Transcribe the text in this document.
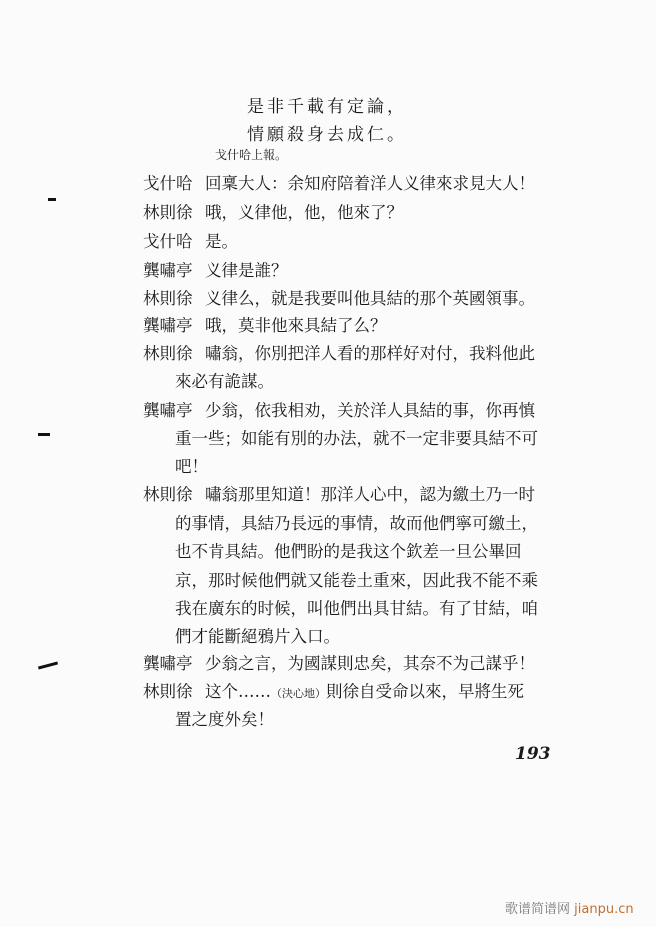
是非千載有定論，
情願殺身去成仁。
戈什哈上報。
戈什哈 回稟大人：余知府陪着洋人义律來求見大人！
林則徐 哦，义律他，他，他來了？
戈什哈 是。
龔嘯亭 义律是誰？
林則徐 义律么，就是我要叫他具結的那个英國領事。
龔嘯亭 哦，莫非他來具結了么？
林則徐 嘯翁，你別把洋人看的那样好对付，我料他此
來必有詭謀。
龔嘯亭 少翁，依我相劝，关於洋人具結的事，你再慎
重一些；如能有別的办法，就不一定非要具結不可
吧！
林則徐 嘯翁那里知道！那洋人心中，認为繳土乃一时
的事情，具結乃長远的事情，故而他們寧可繳土，
也不肯具結。他們盼的是我这个欽差一旦公畢回
京，那时候他們就又能卷土重來，因此我不能不乘
我在廣东的时候，叫他們出具甘結。有了甘結，咱
們才能斷絕鴉片入口。
龔嘯亭 少翁之言，为國謀則忠矣，其奈不为己謀乎！
林則徐 这个……（決心地）則徐自受命以來，早將生死
置之度外矣！
193
歌谱简谱网 jianpu.cn
